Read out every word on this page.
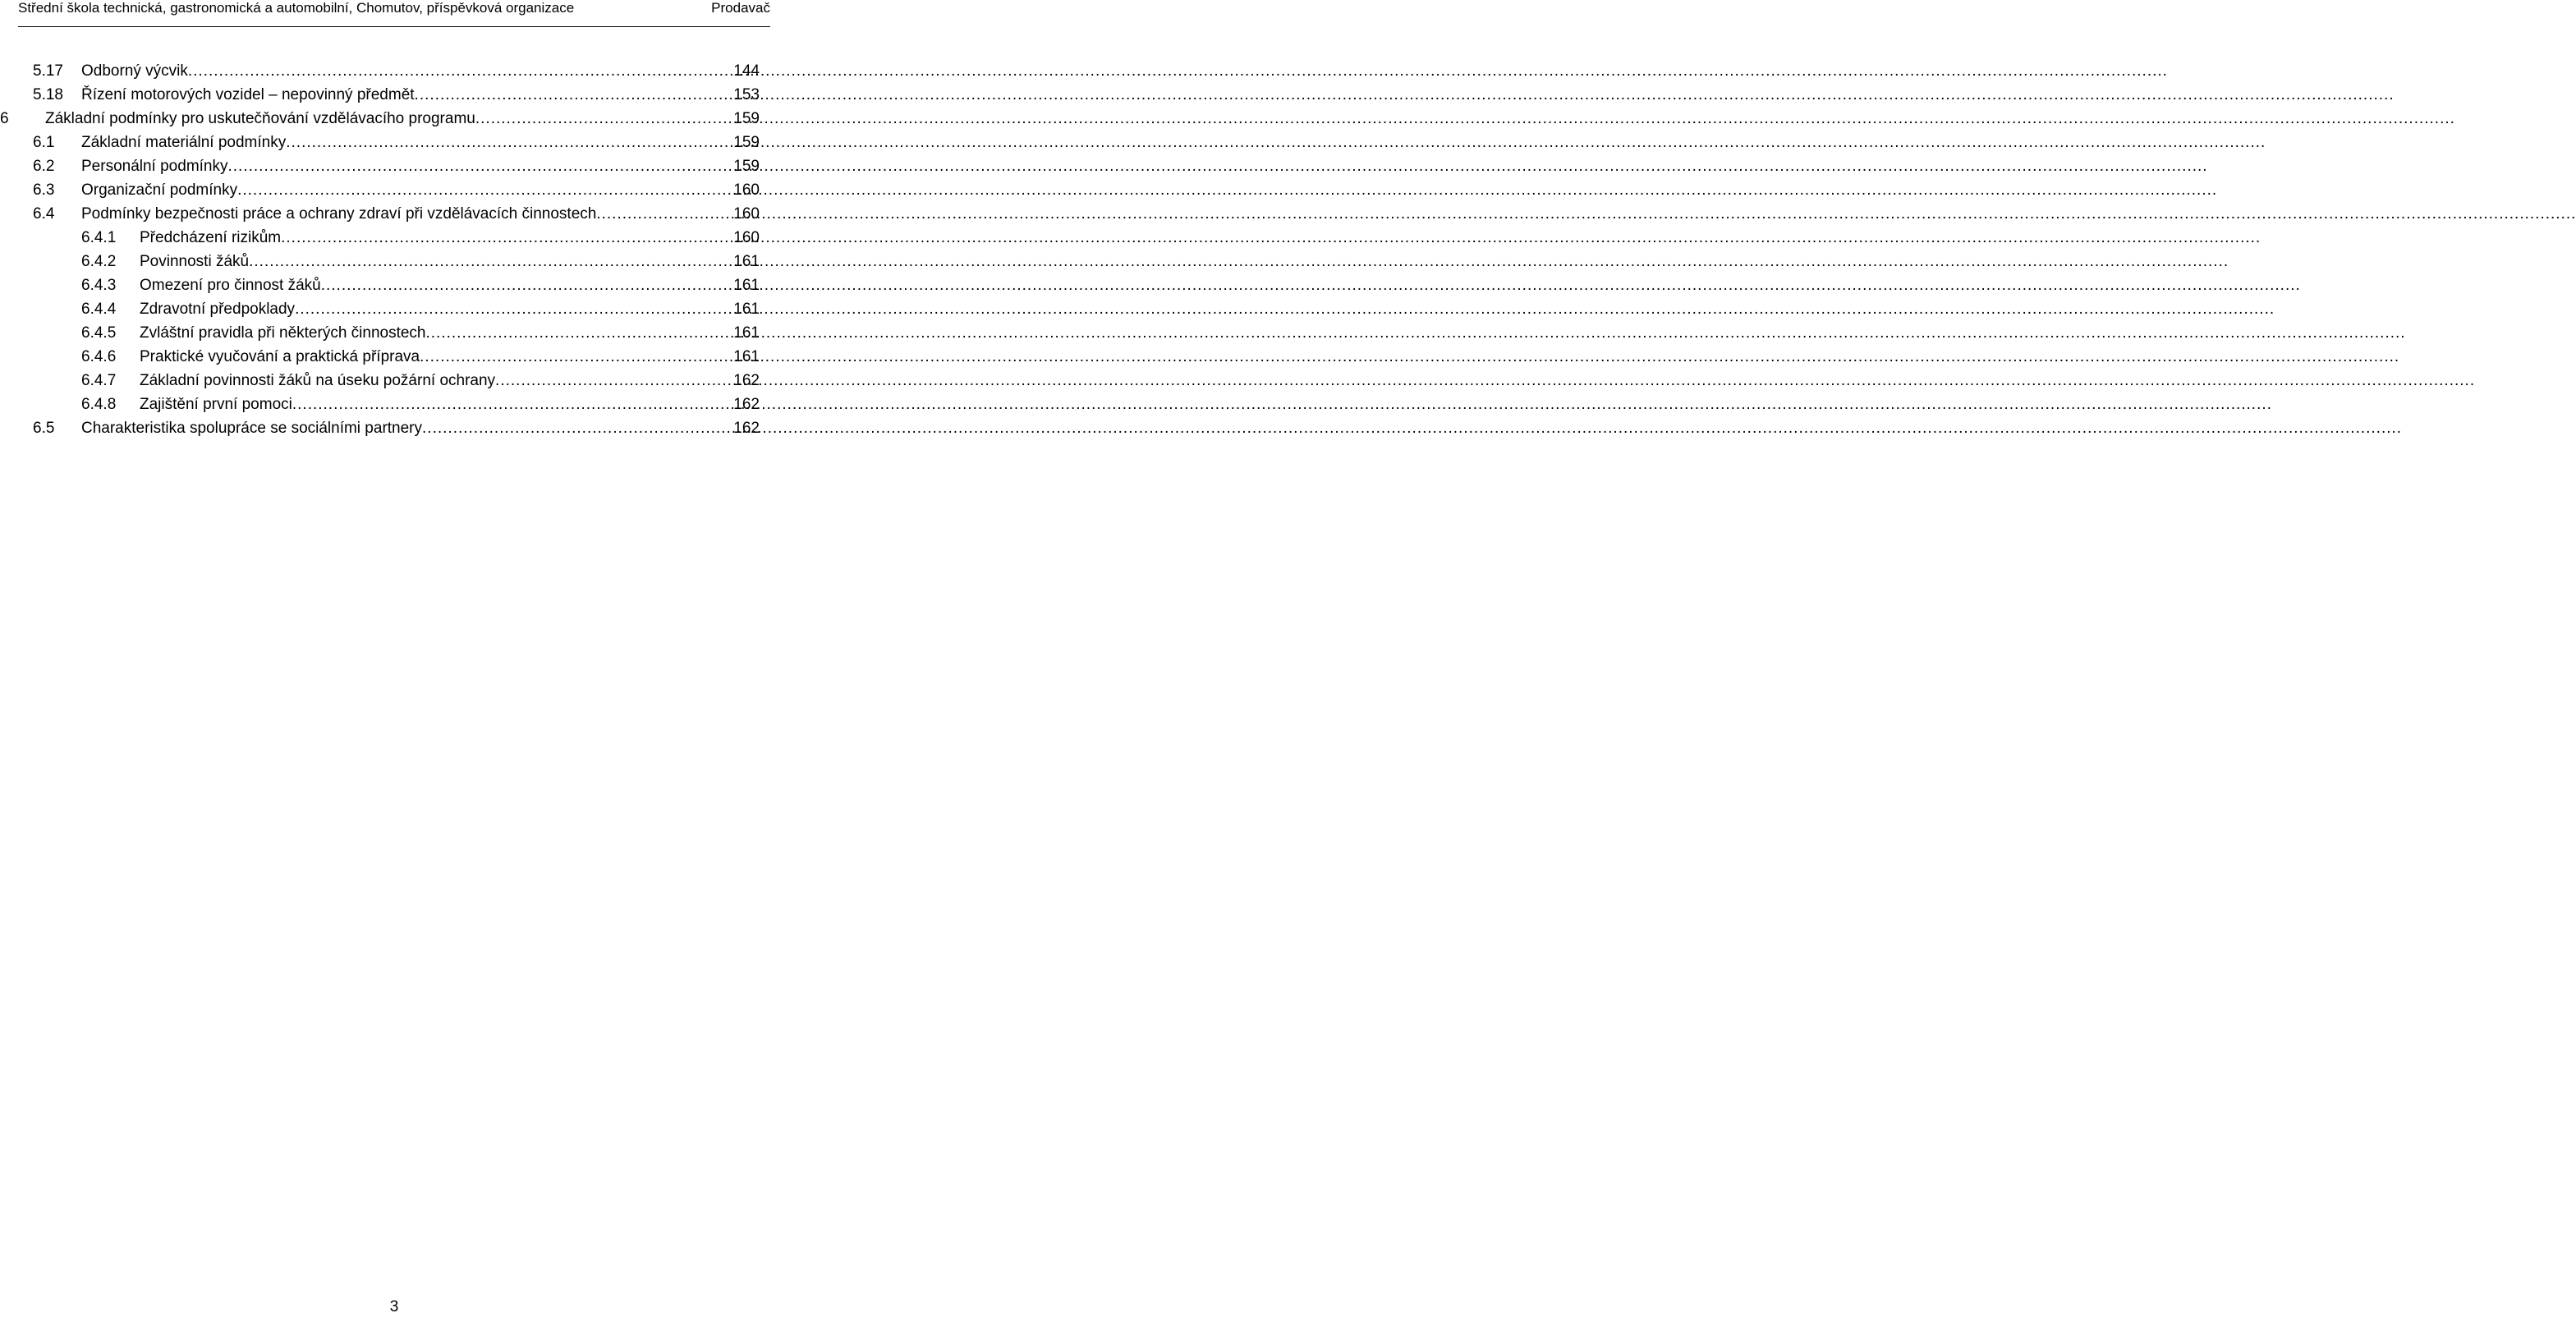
Střední škola technická, gastronomická a automobilní, Chomutov, příspěvková organizace	Prodavač
5.17	Odborný výcvik .....	144
5.18	Řízení motorových vozidel – nepovinný předmět .....	153
6	Základní podmínky pro uskutečňování vzdělávacího programu .....	159
6.1	Základní materiální podmínky .....	159
6.2	Personální podmínky .....	159
6.3	Organizační podmínky .....	160
6.4	Podmínky bezpečnosti práce a ochrany zdraví při vzdělávacích činnostech .....	160
6.4.1	Předcházení rizikům .....	160
6.4.2	Povinnosti žáků .....	161
6.4.3	Omezení pro činnost žáků .....	161
6.4.4	Zdravotní předpoklady .....	161
6.4.5	Zvláštní pravidla při některých činnostech .....	161
6.4.6	Praktické vyučování a praktická příprava .....	161
6.4.7	Základní povinnosti žáků na úseku požární ochrany .....	162
6.4.8	Zajištění první pomoci .....	162
6.5	Charakteristika spolupráce se sociálními partnery .....	162
3
